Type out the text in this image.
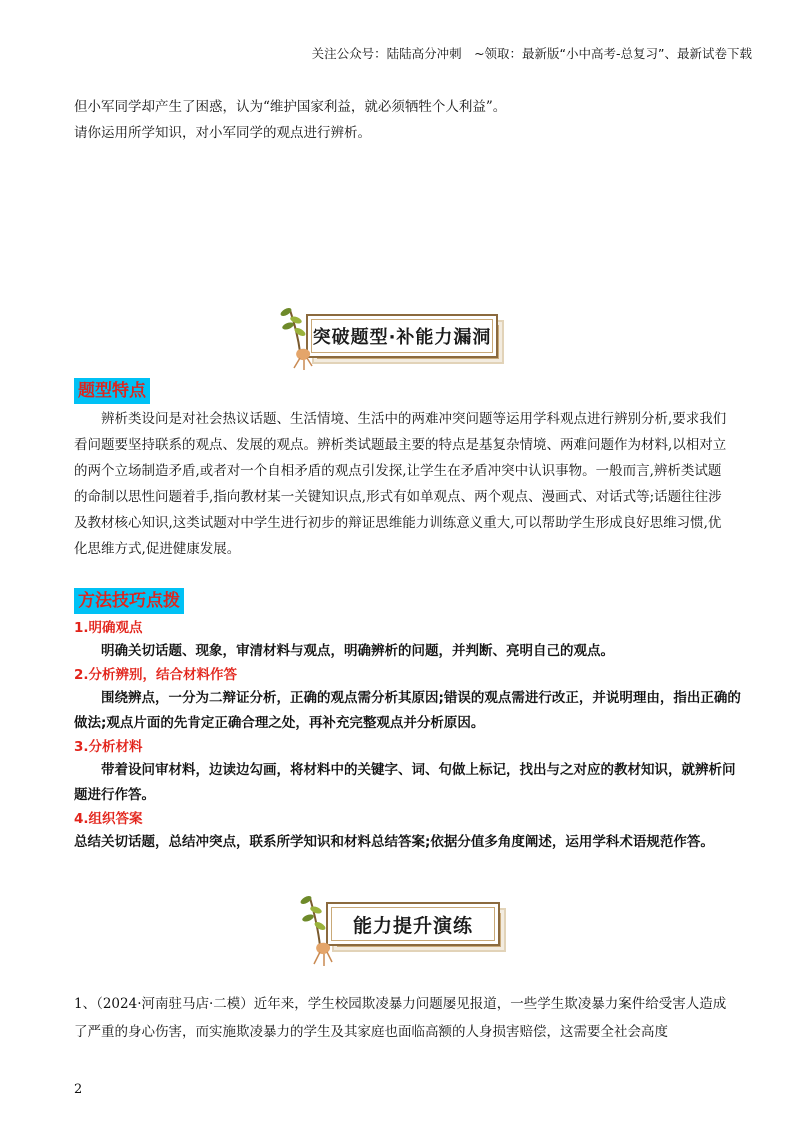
关注公众号：陆陆高分冲刺　~领取：最新版“小中高考-总复习”、最新试卷下载
但小军同学却产生了困惑，认为“维护国家利益，就必须牺牲个人利益”。
请你运用所学知识，对小军同学的观点进行辨析。
突破题型·补能力漏洞
题型特点
辨析类设问是对社会热议话题、生活情境、生活中的两难冲突问题等运用学科观点进行辨别分析,要求我们看问题要坚持联系的观点、发展的观点。辨析类试题最主要的特点是基复杂情境、两难问题作为材料,以相对立的两个立场制造矛盾,或者对一个自相矛盾的观点引发探,让学生在矛盾冲突中认识事物。一般而言,辨析类试题的命制以思性问题着手,指向教材某一关键知识点,形式有如单观点、两个观点、漫画式、对话式等;话题往往涉及教材核心知识,这类试题对中学生进行初步的辩证思维能力训练意义重大,可以帮助学生形成良好思维习惯,优化思维方式,促进健康发展。
方法技巧点拨

1.明确观点

明确关切话题、现象，审清材料与观点，明确辨析的问题，并判断、亮明自己的观点。

2.分析辨别，结合材料作答

围绕辨点，一分为二辩证分析，正确的观点需分析其原因;错误的观点需进行改正，并说明理由，指出正确的做法;观点片面的先肯定正确合理之处，再补充完整观点并分析原因。

3.分析材料

带着设问审材料，边读边勾画，将材料中的关键字、词、句做上标记，找出与之对应的教材知识，就辨析问题进行作答。

4.组织答案

总结关切话题，总结冲突点，联系所学知识和材料总结答案;依据分值多角度阐述，运用学科术语规范作答。

能力提升演练
1、（2024·河南驻马店·二模）近年来，学生校园欺凌暴力问题屡见报道，一些学生欺凌暴力案件给受害人造成了严重的身心伤害，而实施欺凌暴力的学生及其家庭也面临高额的人身损害赔偿，这需要全社会高度
2
